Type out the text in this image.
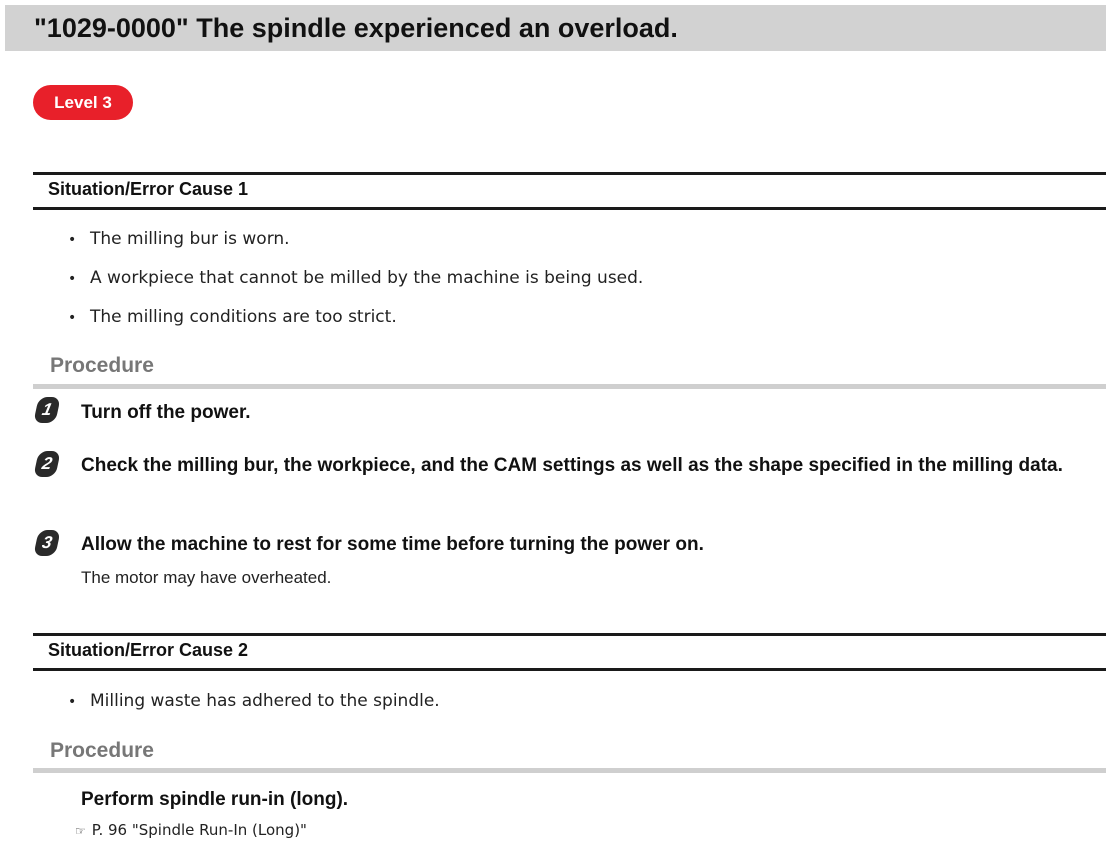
"1029-0000" The spindle experienced an overload.
Level 3
Situation/Error Cause 1
• The milling bur is worn.
• A workpiece that cannot be milled by the machine is being used.
• The milling conditions are too strict.
Procedure
1	Turn off the power.
2	Check the milling bur, the workpiece, and the CAM settings as well as the shape specified in the milling data.
3	Allow the machine to rest for some time before turning the power on.
The motor may have overheated.
Situation/Error Cause 2
• Milling waste has adhered to the spindle.
Procedure
Perform spindle run-in (long).
☞ P. 96 "Spindle Run-In (Long)"
